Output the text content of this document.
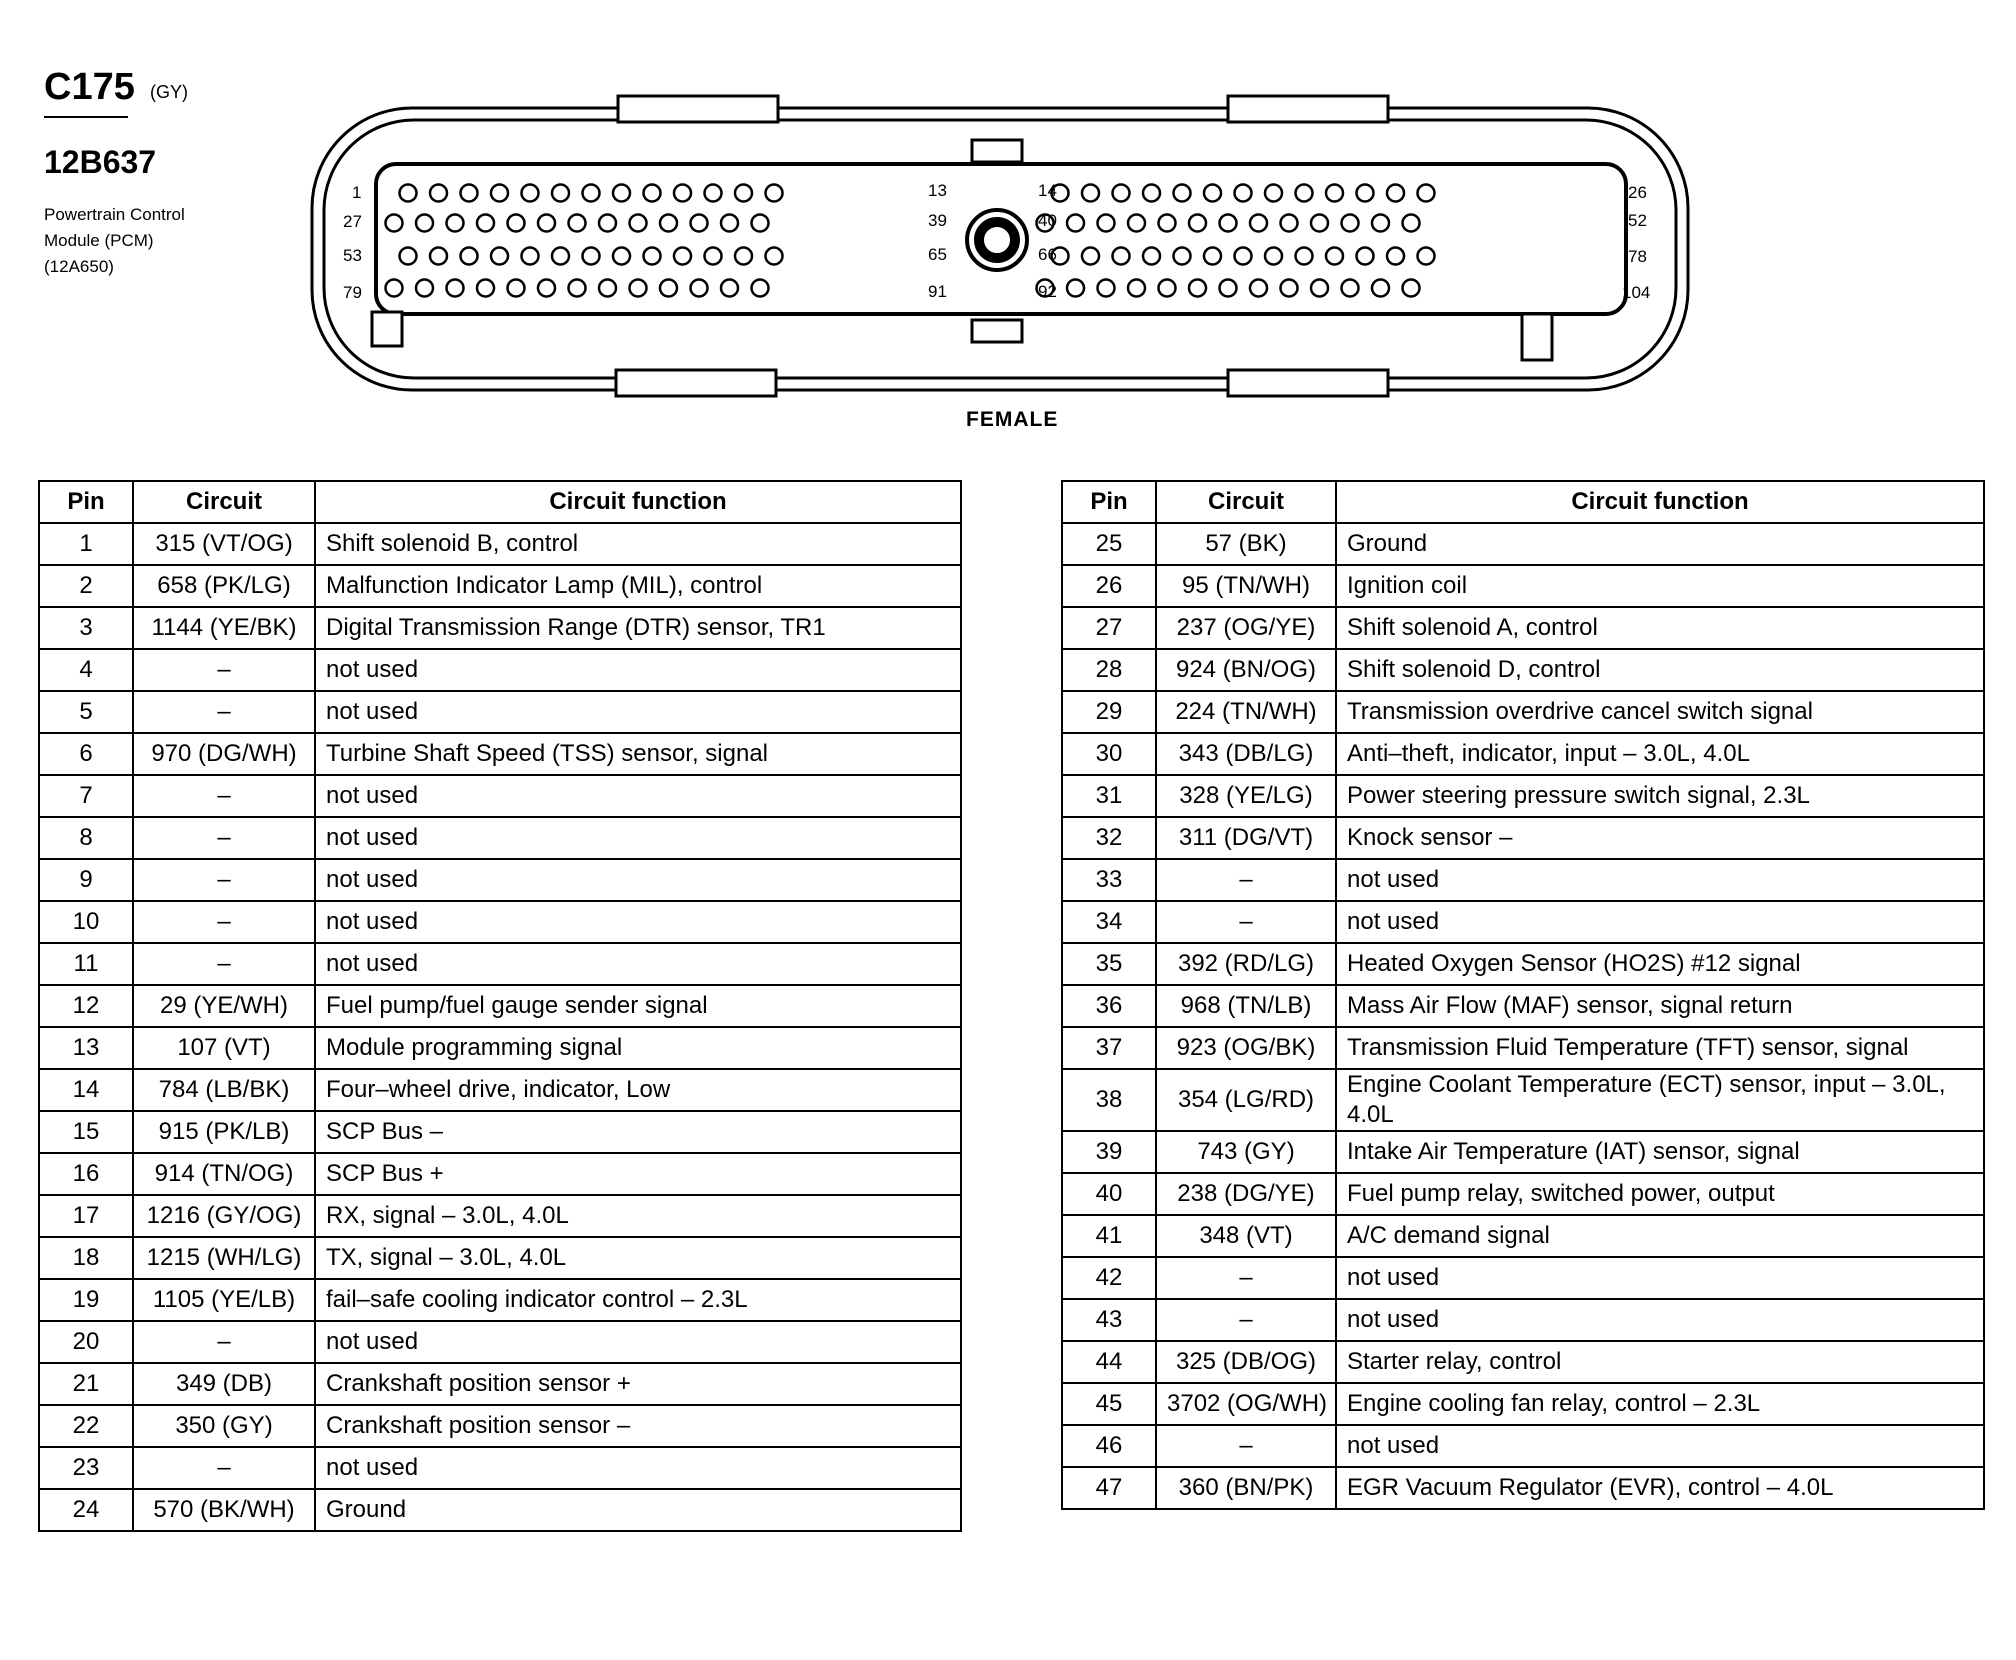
C175 (GY)
12B637
Powertrain Control
Module (PCM)
(12A650)
1
27
53
79
13
39
65
91
14
40
66
92
26
52
78
104
FEMALE
Pin	Circuit	Circuit function
1	315 (VT/OG)	Shift solenoid B, control
2	658 (PK/LG)	Malfunction Indicator Lamp (MIL), control
3	1144 (YE/BK)	Digital Transmission Range (DTR) sensor, TR1
4	–	not used
5	–	not used
6	970 (DG/WH)	Turbine Shaft Speed (TSS) sensor, signal
7	–	not used
8	–	not used
9	–	not used
10	–	not used
11	–	not used
12	29 (YE/WH)	Fuel pump/fuel gauge sender signal
13	107 (VT)	Module programming signal
14	784 (LB/BK)	Four–wheel drive, indicator, Low
15	915 (PK/LB)	SCP Bus –
16	914 (TN/OG)	SCP Bus +
17	1216 (GY/OG)	RX, signal – 3.0L, 4.0L
18	1215 (WH/LG)	TX, signal – 3.0L, 4.0L
19	1105 (YE/LB)	fail–safe cooling indicator control – 2.3L
20	–	not used
21	349 (DB)	Crankshaft position sensor +
22	350 (GY)	Crankshaft position sensor –
23	–	not used
24	570 (BK/WH)	Ground
Pin	Circuit	Circuit function
25	57 (BK)	Ground
26	95 (TN/WH)	Ignition coil
27	237 (OG/YE)	Shift solenoid A, control
28	924 (BN/OG)	Shift solenoid D, control
29	224 (TN/WH)	Transmission overdrive cancel switch signal
30	343 (DB/LG)	Anti–theft, indicator, input – 3.0L, 4.0L
31	328 (YE/LG)	Power steering pressure switch signal, 2.3L
32	311 (DG/VT)	Knock sensor –
33	–	not used
34	–	not used
35	392 (RD/LG)	Heated Oxygen Sensor (HO2S) #12 signal
36	968 (TN/LB)	Mass Air Flow (MAF) sensor, signal return
37	923 (OG/BK)	Transmission Fluid Temperature (TFT) sensor, signal
38	354 (LG/RD)	Engine Coolant Temperature (ECT) sensor, input – 3.0L, 4.0L
39	743 (GY)	Intake Air Temperature (IAT) sensor, signal
40	238 (DG/YE)	Fuel pump relay, switched power, output
41	348 (VT)	A/C demand signal
42	–	not used
43	–	not used
44	325 (DB/OG)	Starter relay, control
45	3702 (OG/WH)	Engine cooling fan relay, control – 2.3L
46	–	not used
47	360 (BN/PK)	EGR Vacuum Regulator (EVR), control – 4.0L
